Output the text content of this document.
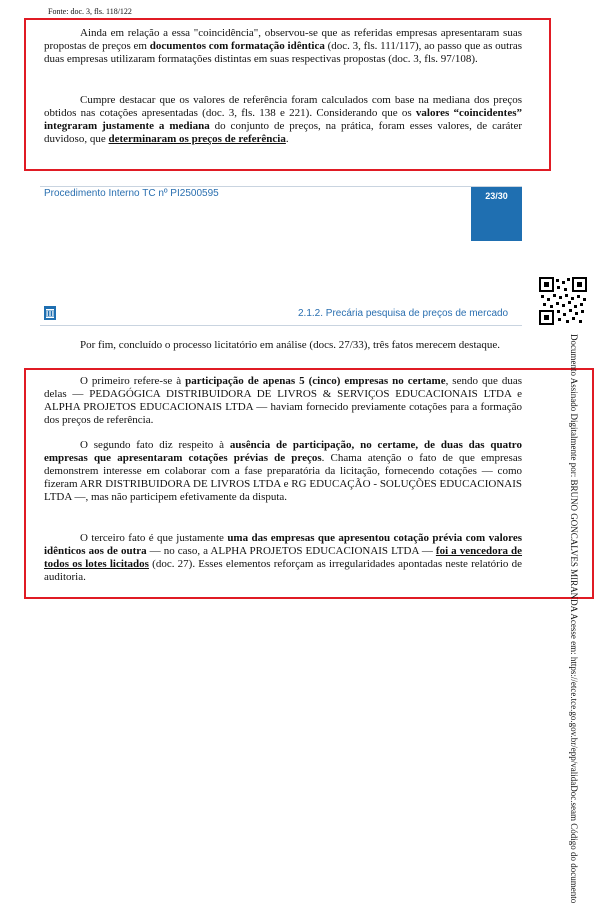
Fonte: doc. 3, fls. 118/122

Ainda em relação a essa "coincidência", observou-se que as referidas empresas apresentaram suas propostas de preços em documentos com formatação idêntica (doc. 3, fls. 111/117), ao passo que as outras duas empresas utilizaram formatações distintas em suas respectivas propostas (doc. 3, fls. 97/108).

Cumpre destacar que os valores de referência foram calculados com base na mediana dos preços obtidos nas cotações apresentadas (doc. 3, fls. 138 e 221). Considerando que os valores “coincidentes” integraram justamente a mediana do conjunto de preços, na prática, foram esses valores, de caráter duvidoso, que determinaram os preços de referência.

Procedimento Interno TC nº PI2500595	23/30
2.1.2. Precária pesquisa de preços de mercado

Por fim, concluído o processo licitatório em análise (docs. 27/33), três fatos merecem destaque.

O primeiro refere-se à participação de apenas 5 (cinco) empresas no certame, sendo que duas delas — PEDAGÓGICA DISTRIBUIDORA DE LIVROS & SERVIÇOS EDUCACIONAIS LTDA e ALPHA PROJETOS EDUCACIONAIS LTDA — haviam fornecido previamente cotações para a formação dos preços de referência.

O segundo fato diz respeito à ausência de participação, no certame, de duas das quatro empresas que apresentaram cotações prévias de preços. Chama atenção o fato de que empresas demonstrem interesse em colaborar com a fase preparatória da licitação, fornecendo cotações — como fizeram ARR DISTRIBUIDORA DE LIVROS LTDA e RG EDUCAÇÃO - SOLUÇÕES EDUCACIONAIS LTDA —, mas não participem efetivamente da disputa.

O terceiro fato é que justamente uma das empresas que apresentou cotação prévia com valores idênticos aos de outra — no caso, a ALPHA PROJETOS EDUCACIONAIS LTDA — foi a vencedora de todos os lotes licitados (doc. 27). Esses elementos reforçam as irregularidades apontadas neste relatório de auditoria.	Documento Assinado Digitalmente por: BRUNO GONCALVES MIRANDA Acesse em: https://etce.tce.go.gov.br/epp/validaDoc.seam Código do documento
